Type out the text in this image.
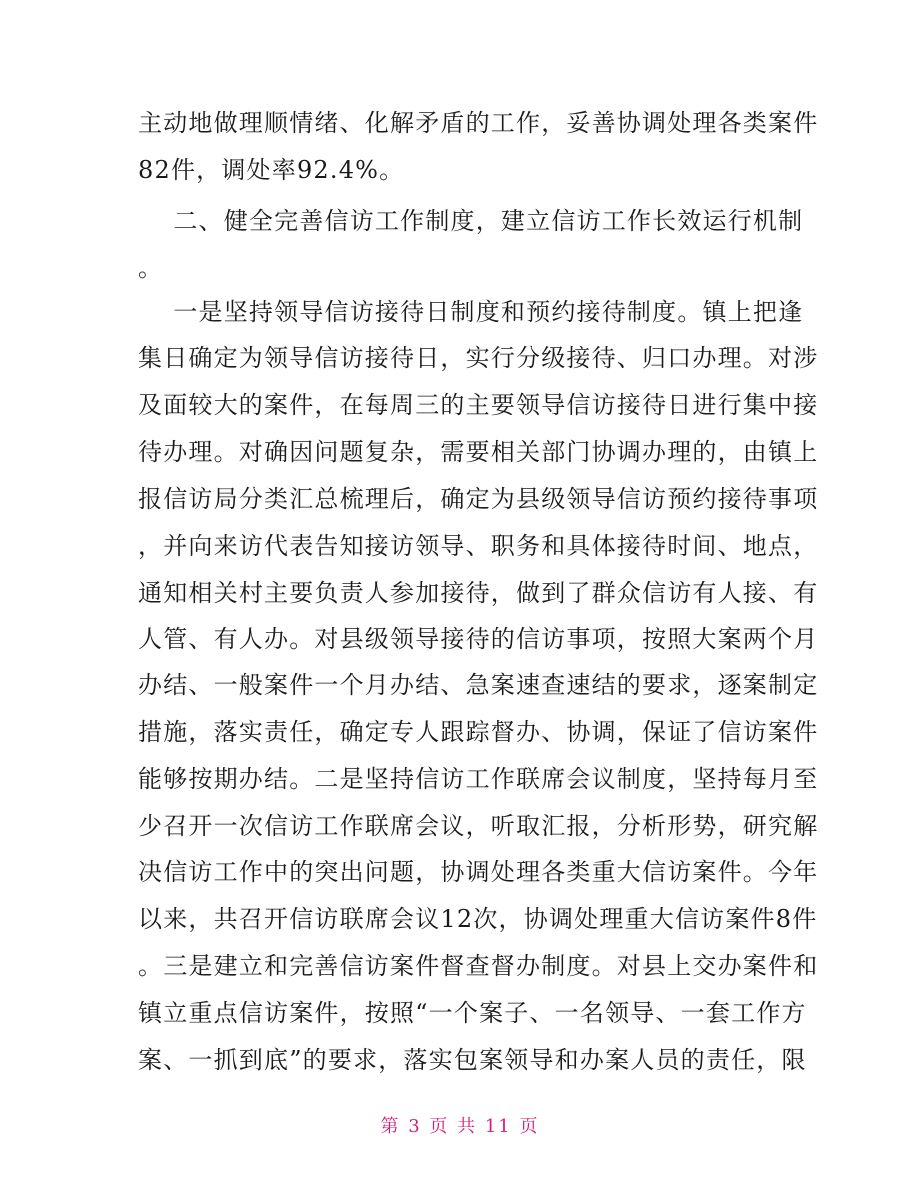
主动地做理顺情绪、化解矛盾的工作，妥善协调处理各类案件
82件，调处率92.4%。
二、健全完善信访工作制度，建立信访工作长效运行机制
。
一是坚持领导信访接待日制度和预约接待制度。镇上把逢
集日确定为领导信访接待日，实行分级接待、归口办理。对涉
及面较大的案件，在每周三的主要领导信访接待日进行集中接
待办理。对确因问题复杂，需要相关部门协调办理的，由镇上
报信访局分类汇总梳理后，确定为县级领导信访预约接待事项
，并向来访代表告知接访领导、职务和具体接待时间、地点，
通知相关村主要负责人参加接待，做到了群众信访有人接、有
人管、有人办。对县级领导接待的信访事项，按照大案两个月
办结、一般案件一个月办结、急案速查速结的要求，逐案制定
措施，落实责任，确定专人跟踪督办、协调，保证了信访案件
能够按期办结。二是坚持信访工作联席会议制度，坚持每月至
少召开一次信访工作联席会议，听取汇报，分析形势，研究解
决信访工作中的突出问题，协调处理各类重大信访案件。今年
以来，共召开信访联席会议12次，协调处理重大信访案件8件
。三是建立和完善信访案件督查督办制度。对县上交办案件和
镇立重点信访案件，按照“一个案子、一名领导、一套工作方
案、一抓到底”的要求，落实包案领导和办案人员的责任，限
第 3 页 共 11 页
